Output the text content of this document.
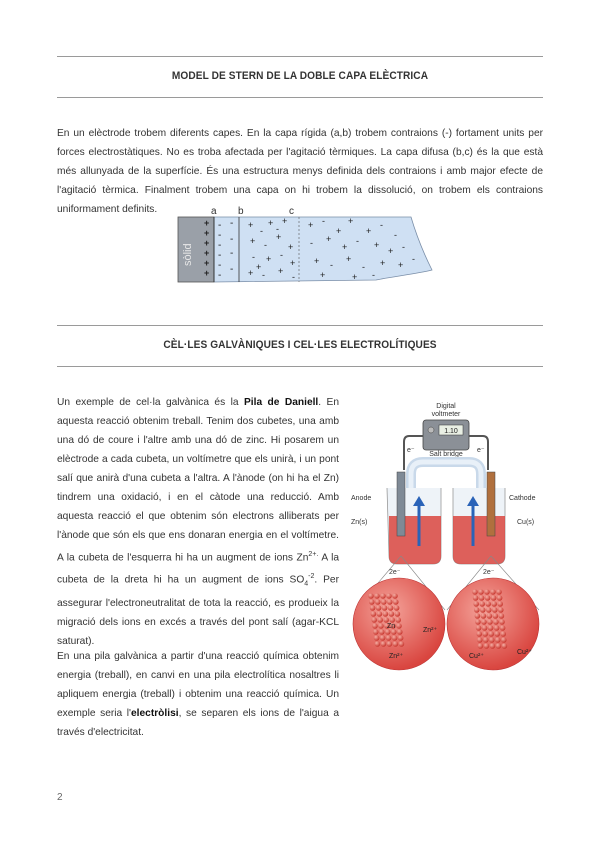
MODEL DE STERN DE LA DOBLE CAPA ELÈCTRICA
En un elèctrode trobem diferents capes. En la capa rígida (a,b) trobem contraions (-) fortament units per forces electrostàtiques. No es troba afectada per l'agitació tèrmiques. La capa difusa (b,c) és la que està més allunyada de la superfície. És una estructura menys definida dels contraions i amb major efecte de l'agitació tèrmica. Finalment trobem una capa on hi trobem la dissolució, on trobem els contraions uniformament definits.
sòlid
a b	c
+
+
+
+
+
+
-
-
-
-
-
-
-
-
-
-
+
-
+ +
+ -
+
+
- + -
+
+ - +
-
-
+
+ -
+
+
+
-
-
- +
+
- +
+ -
+ -
+
- + +
-
+	+ -
CÈL·LES GALVÀNIQUES I CEL·LES ELECTROLÍTIQUES
Un exemple de cel·la galvànica és la Pila de Daniell. En aquesta reacció obtenim treball. Tenim dos cubetes, una amb una dó de coure i l'altre amb una dó de zinc. Hi posarem un elèctrode a cada cubeta, un voltímetre que els unirà, i un pont salí que anirà d'una cubeta a l'altra. A l'ànode (on hi ha el Zn) tindrem una oxidació, i en el càtode una reducció. Amb aquesta reacció el que obtenim són electrons alliberats per l'ànode que són els que ens donaran energia en el voltímetre. A la cubeta de l'esquerra hi ha un augment de ions $Zn^{2+.}$ A la cubeta de la dreta hi ha un augment de ions $SO_4^{-2}$. Per assegurar l'electroneutralitat de tota la reacció, es produeix la migració dels ions en excés a través del pont salí (agar-KCL saturat).
En una pila galvànica a partir d'una reacció química obtenim energia (treball), en canvi en una pila electrolítica nosaltres li apliquem energia (treball) i obtenim una reacció química. Un exemple seria l'electròlisi, se separen els ions de l'aigua a través d'electricitat.
Digital
voltmeter
1.10
e⁻	e⁻
Salt bridge
Anode
Zn(s)
Cathode
Cu(s)
2e⁻	2e⁻
Zn
Zn²⁺
Zn²⁺	Cu²⁺
Cu²⁺
2
